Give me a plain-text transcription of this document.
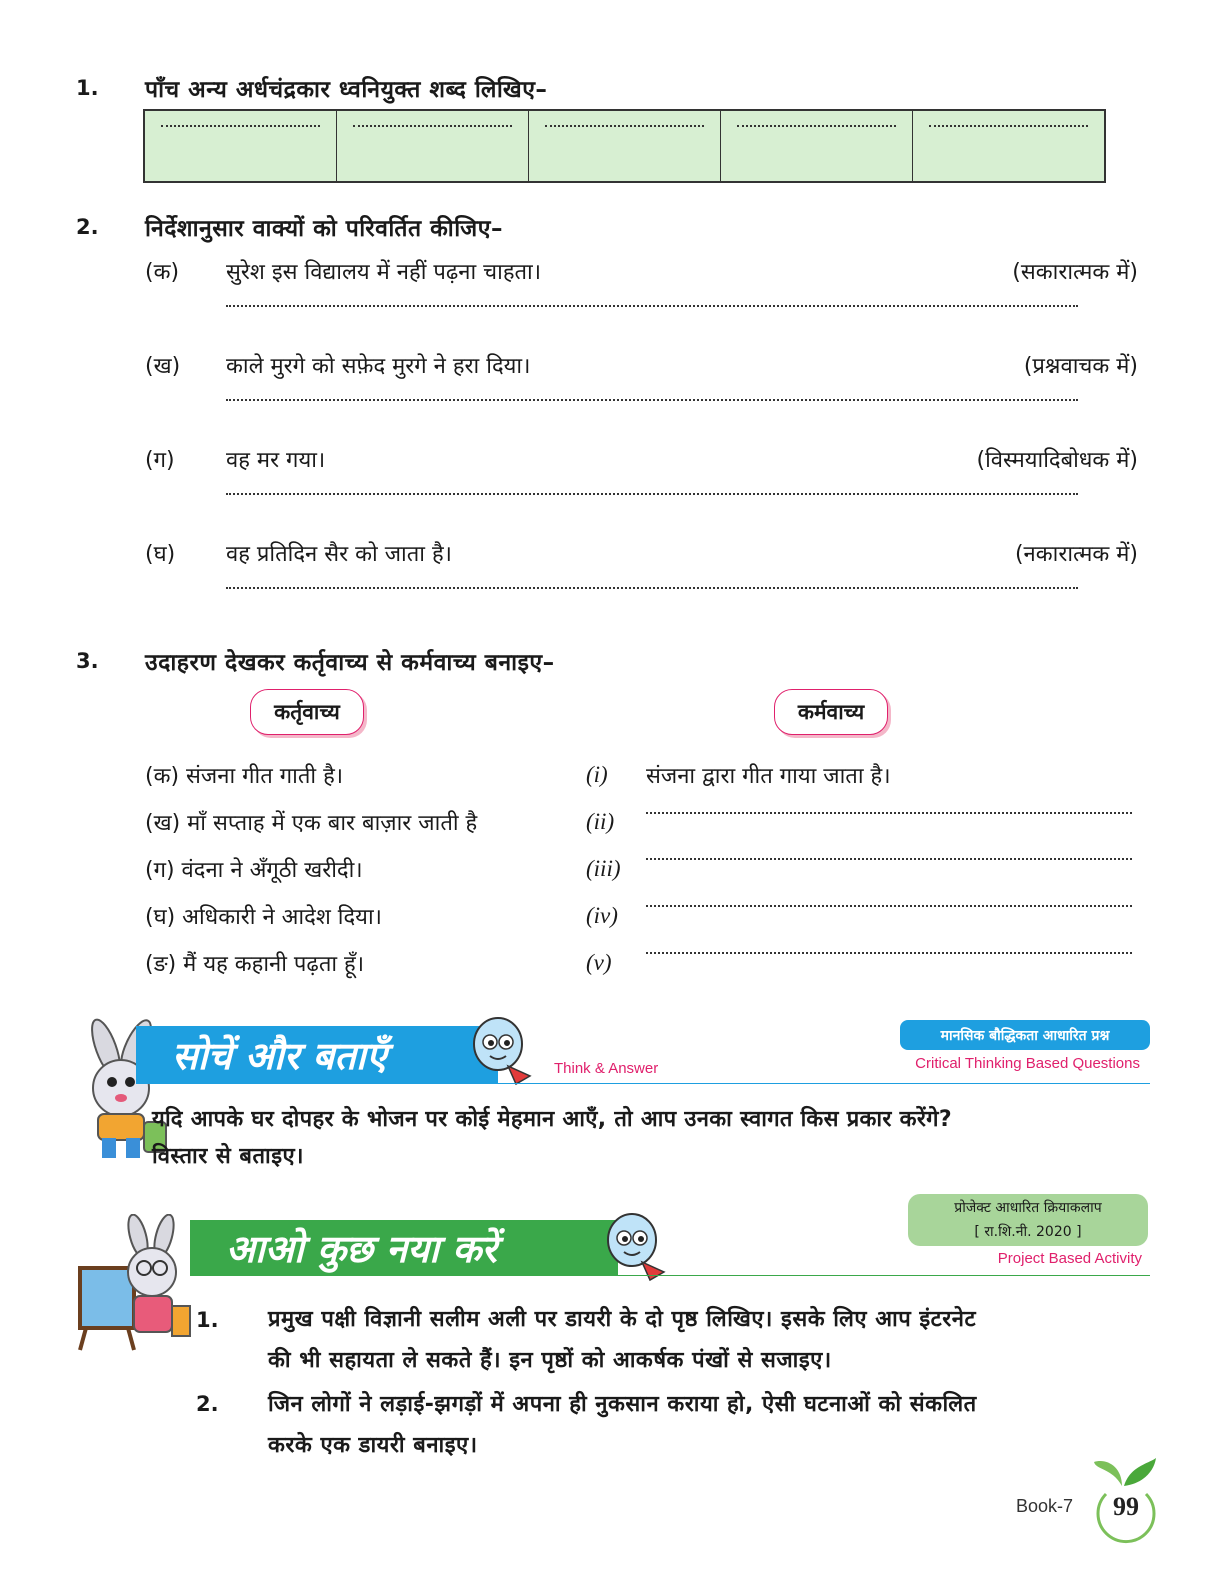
1. पाँच अन्य अर्धचंद्रकार ध्वनियुक्त शब्द लिखिए–
2. निर्देशानुसार वाक्यों को परिवर्तित कीजिए–
(क) सुरेश इस विद्यालय में नहीं पढ़ना चाहता।	(सकारात्मक में)
(ख) काले मुरगे को सफ़ेद मुरगे ने हरा दिया।	(प्रश्नवाचक में)
(ग) वह मर गया।	(विस्मयादिबोधक में)
(घ) वह प्रतिदिन सैर को जाता है।	(नकारात्मक में)
3. उदाहरण देखकर कर्तृवाच्य से कर्मवाच्य बनाइए–
कर्तृवाच्य	कर्मवाच्य
(क) संजना गीत गाती है।	(i) संजना द्वारा गीत गाया जाता है।
(ख) माँ सप्ताह में एक बार बाज़ार जाती है	(ii)
(ग) वंदना ने अँगूठी खरीदी।	(iii)
(घ) अधिकारी ने आदेश दिया।	(iv)
(ङ) मैं यह कहानी पढ़ता हूँ।	(v)
सोचें और बताएँ	Think & Answer
मानसिक बौद्धिकता आधारित प्रश्न
Critical Thinking Based Questions
यदि आपके घर दोपहर के भोजन पर कोई मेहमान आएँ, तो आप उनका स्वागत किस प्रकार करेंगे?
विस्तार से बताइए।
प्रोजेक्ट आधारित क्रियाकलाप
[ रा.शि.नी. 2020 ]
Project Based Activity
आओ कुछ नया करें
1. प्रमुख पक्षी विज्ञानी सलीम अली पर डायरी के दो पृष्ठ लिखिए। इसके लिए आप इंटरनेट
की भी सहायता ले सकते हैं। इन पृष्ठों को आकर्षक पंखों से सजाइए।
2. जिन लोगों ने लड़ाई-झगड़ों में अपना ही नुकसान कराया हो, ऐसी घटनाओं को संकलित
करके एक डायरी बनाइए।
Book-7	99
